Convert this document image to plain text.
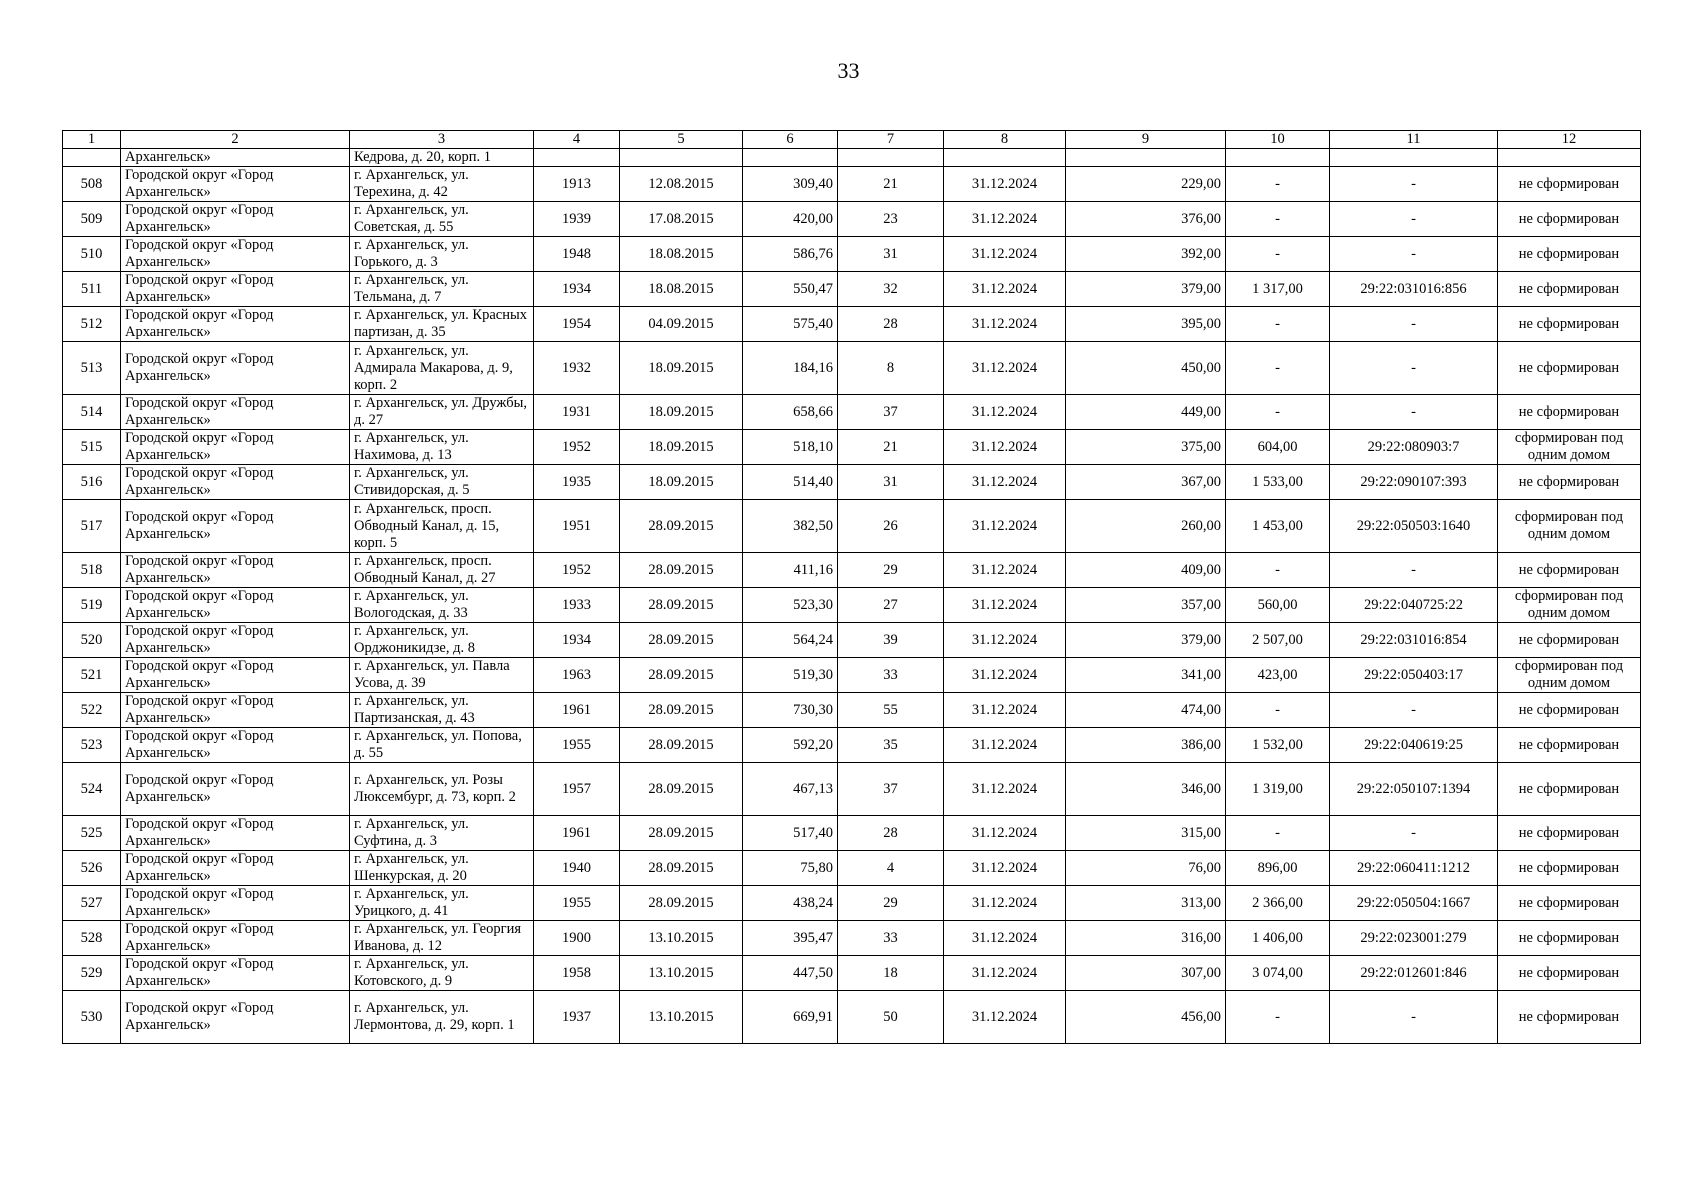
33
1	2	3	4	5	6	7	8	9	10	11	12
	Архангельск»	Кедрова, д. 20, корп. 1									
508	Городской округ «Город Архангельск»	г. Архангельск, ул. Терехина, д. 42	1913	12.08.2015	309,40	21	31.12.2024	229,00	-	-	не сформирован
509	Городской округ «Город Архангельск»	г. Архангельск, ул. Советская, д. 55	1939	17.08.2015	420,00	23	31.12.2024	376,00	-	-	не сформирован
510	Городской округ «Город Архангельск»	г. Архангельск, ул. Горького, д. 3	1948	18.08.2015	586,76	31	31.12.2024	392,00	-	-	не сформирован
511	Городской округ «Город Архангельск»	г. Архангельск, ул. Тельмана, д. 7	1934	18.08.2015	550,47	32	31.12.2024	379,00	1 317,00	29:22:031016:856	не сформирован
512	Городской округ «Город Архангельск»	г. Архангельск, ул. Красных партизан, д. 35	1954	04.09.2015	575,40	28	31.12.2024	395,00	-	-	не сформирован
513	Городской округ «Город Архангельск»	г. Архангельск, ул. Адмирала Макарова, д. 9, корп. 2	1932	18.09.2015	184,16	8	31.12.2024	450,00	-	-	не сформирован
514	Городской округ «Город Архангельск»	г. Архангельск, ул. Дружбы, д. 27	1931	18.09.2015	658,66	37	31.12.2024	449,00	-	-	не сформирован
515	Городской округ «Город Архангельск»	г. Архангельск, ул. Нахимова, д. 13	1952	18.09.2015	518,10	21	31.12.2024	375,00	604,00	29:22:080903:7	сформирован под одним домом
516	Городской округ «Город Архангельск»	г. Архангельск, ул. Стивидорская, д. 5	1935	18.09.2015	514,40	31	31.12.2024	367,00	1 533,00	29:22:090107:393	не сформирован
517	Городской округ «Город Архангельск»	г. Архангельск, просп. Обводный Канал, д. 15, корп. 5	1951	28.09.2015	382,50	26	31.12.2024	260,00	1 453,00	29:22:050503:1640	сформирован под одним домом
518	Городской округ «Город Архангельск»	г. Архангельск, просп. Обводный Канал, д. 27	1952	28.09.2015	411,16	29	31.12.2024	409,00	-	-	не сформирован
519	Городской округ «Город Архангельск»	г. Архангельск, ул. Вологодская, д. 33	1933	28.09.2015	523,30	27	31.12.2024	357,00	560,00	29:22:040725:22	сформирован под одним домом
520	Городской округ «Город Архангельск»	г. Архангельск, ул. Орджоникидзе, д. 8	1934	28.09.2015	564,24	39	31.12.2024	379,00	2 507,00	29:22:031016:854	не сформирован
521	Городской округ «Город Архангельск»	г. Архангельск, ул. Павла Усова, д. 39	1963	28.09.2015	519,30	33	31.12.2024	341,00	423,00	29:22:050403:17	сформирован под одним домом
522	Городской округ «Город Архангельск»	г. Архангельск, ул. Партизанская, д. 43	1961	28.09.2015	730,30	55	31.12.2024	474,00	-	-	не сформирован
523	Городской округ «Город Архангельск»	г. Архангельск, ул. Попова, д. 55	1955	28.09.2015	592,20	35	31.12.2024	386,00	1 532,00	29:22:040619:25	не сформирован
524	Городской округ «Город Архангельск»	г. Архангельск, ул. Розы Люксембург, д. 73, корп. 2	1957	28.09.2015	467,13	37	31.12.2024	346,00	1 319,00	29:22:050107:1394	не сформирован
525	Городской округ «Город Архангельск»	г. Архангельск, ул. Суфтина, д. 3	1961	28.09.2015	517,40	28	31.12.2024	315,00	-	-	не сформирован
526	Городской округ «Город Архангельск»	г. Архангельск, ул. Шенкурская, д. 20	1940	28.09.2015	75,80	4	31.12.2024	76,00	896,00	29:22:060411:1212	не сформирован
527	Городской округ «Город Архангельск»	г. Архангельск, ул. Урицкого, д. 41	1955	28.09.2015	438,24	29	31.12.2024	313,00	2 366,00	29:22:050504:1667	не сформирован
528	Городской округ «Город Архангельск»	г. Архангельск, ул. Георгия Иванова, д. 12	1900	13.10.2015	395,47	33	31.12.2024	316,00	1 406,00	29:22:023001:279	не сформирован
529	Городской округ «Город Архангельск»	г. Архангельск, ул. Котовского, д. 9	1958	13.10.2015	447,50	18	31.12.2024	307,00	3 074,00	29:22:012601:846	не сформирован
530	Городской округ «Город Архангельск»	г. Архангельск, ул. Лермонтова, д. 29, корп. 1	1937	13.10.2015	669,91	50	31.12.2024	456,00	-	-	не сформирован
